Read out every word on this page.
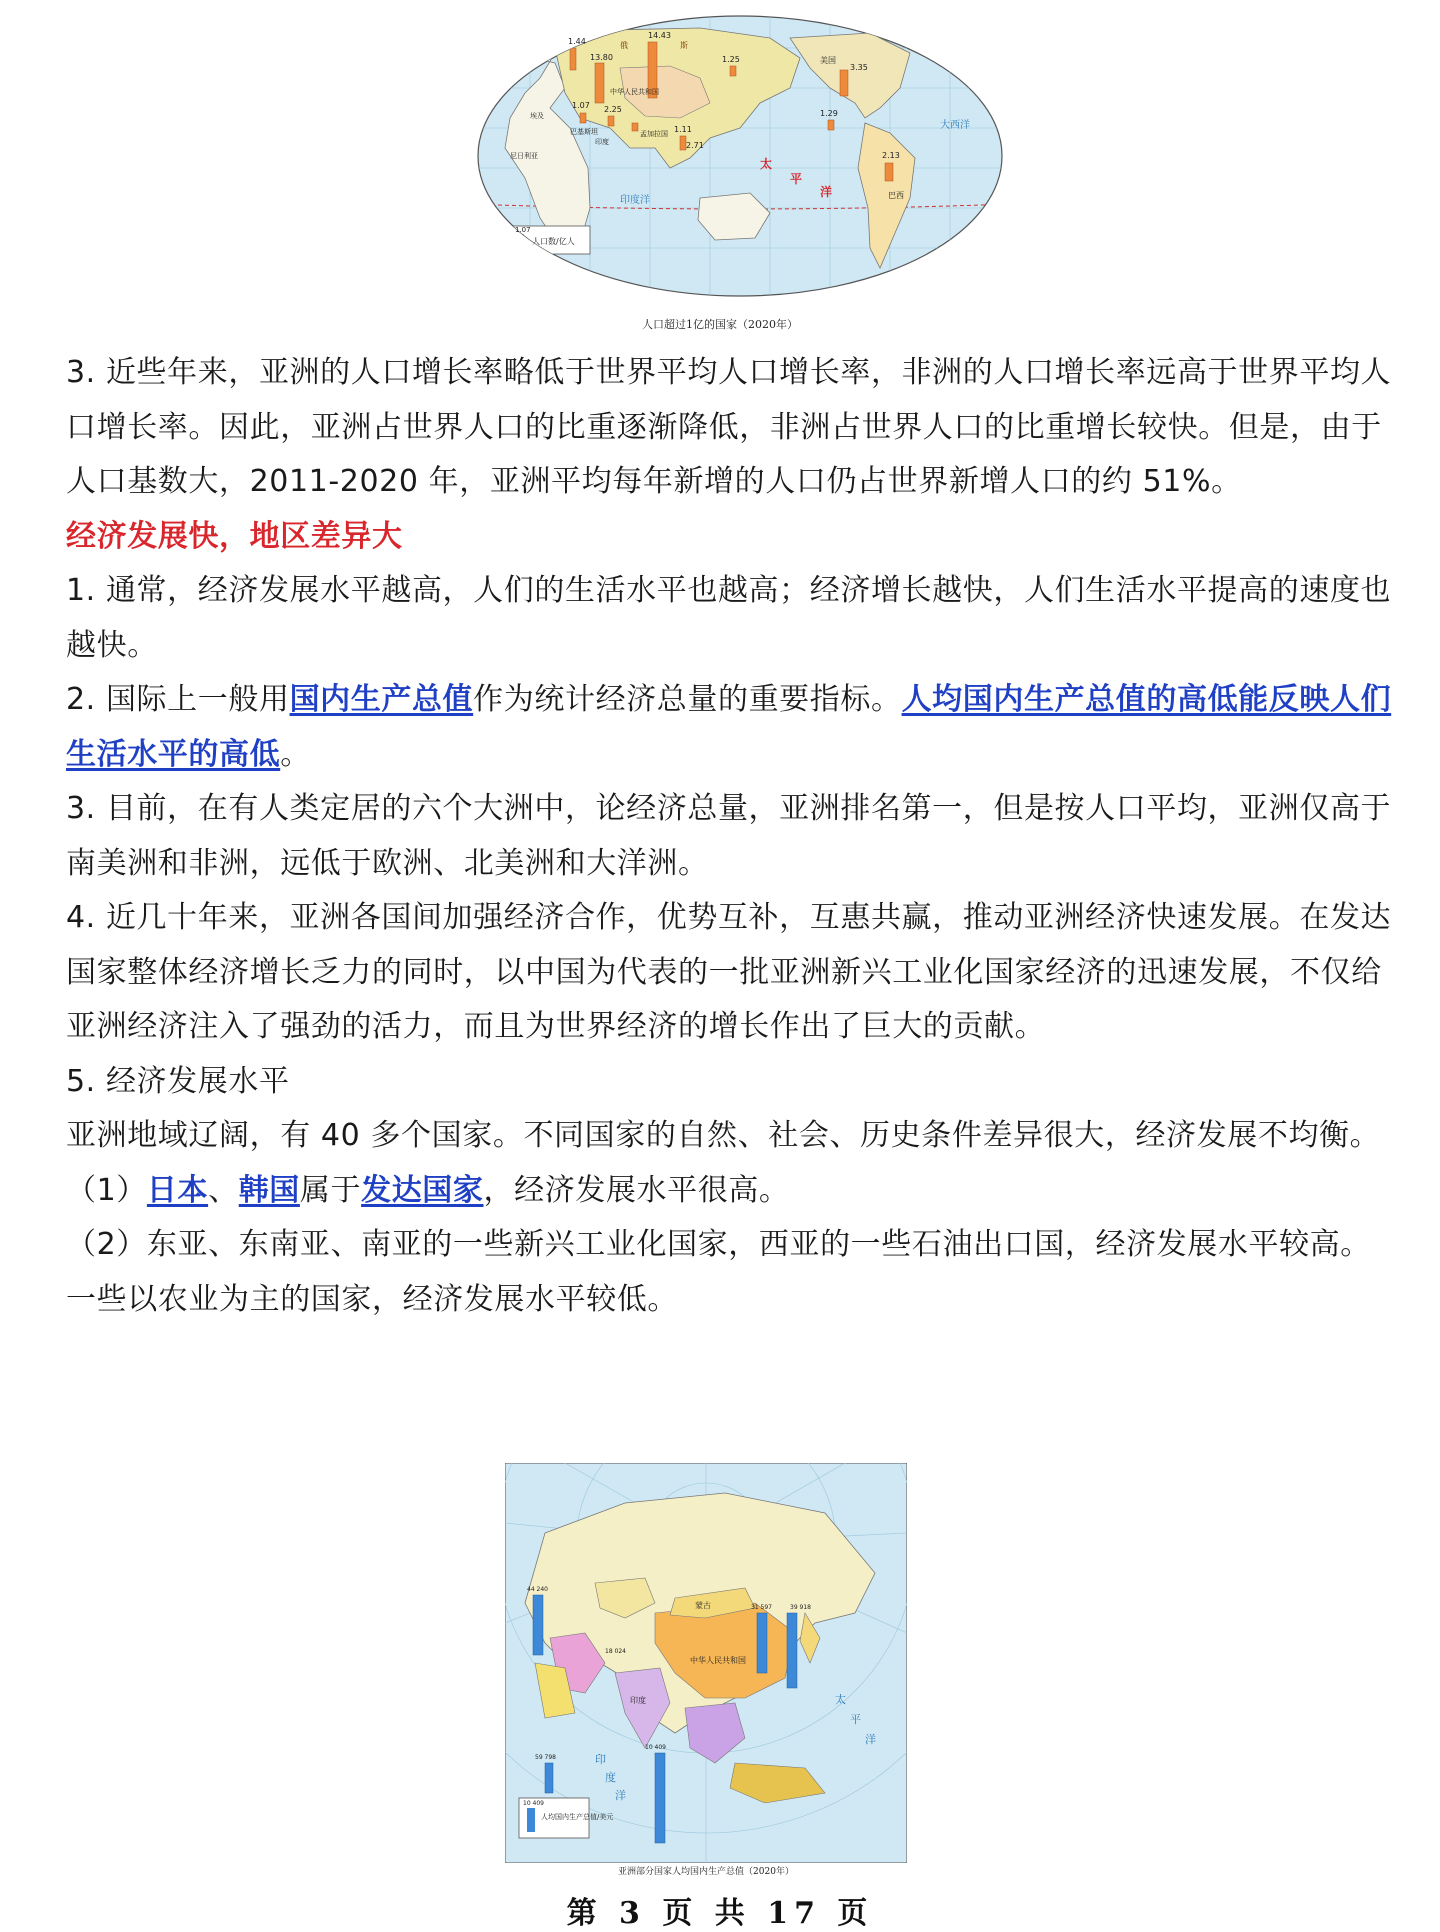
1.07
人口数/亿人
14.43
13.80
1.44
1.07 2.25
1.11
2.71
1.25
3.35
1.29
2.13
中华人民共和国
俄	斯
美国
巴西
埃及
巴基斯坦	孟加拉国
印度
尼日利亚
太
平
洋
印度洋
大西洋
人口超过1亿的国家（2020年）

3. 近些年来，亚洲的人口增长率略低于世界平均人口增长率，非洲的人口增长率远高于世界平均人口增长率。因此，亚洲占世界人口的比重逐渐降低，非洲占世界人口的比重增长较快。但是，由于人口基数大，2011-2020 年，亚洲平均每年新增的人口仍占世界新增人口的约 51%。

经济发展快，地区差异大

1. 通常，经济发展水平越高，人们的生活水平也越高；经济增长越快，人们生活水平提高的速度也越快。

2. 国际上一般用国内生产总值作为统计经济总量的重要指标。人均国内生产总值的高低能反映人们生活水平的高低。

3. 目前，在有人类定居的六个大洲中，论经济总量，亚洲排名第一，但是按人口平均，亚洲仅高于南美洲和非洲，远低于欧洲、北美洲和大洋洲。

4. 近几十年来，亚洲各国间加强经济合作，优势互补，互惠共赢，推动亚洲经济快速发展。在发达国家整体经济增长乏力的同时，以中国为代表的一批亚洲新兴工业化国家经济的迅速发展，不仅给亚洲经济注入了强劲的活力，而且为世界经济的增长作出了巨大的贡献。

5. 经济发展水平

亚洲地域辽阔，有 40 多个国家。不同国家的自然、社会、历史条件差异很大，经济发展不均衡。

（1）日本、韩国属于发达国家，经济发展水平很高。

（2）东亚、东南亚、南亚的一些新兴工业化国家，西亚的一些石油出口国，经济发展水平较高。一些以农业为主的国家，经济发展水平较低。

10 409
人均国内生产总值/美元
44 240
39 918
31 597
10 409
18 024
59 798
中华人民共和国
蒙古
印度	太
平
洋
印
度
洋
亚洲部分国家人均国内生产总值（2020年）
第 3 页 共 17 页
